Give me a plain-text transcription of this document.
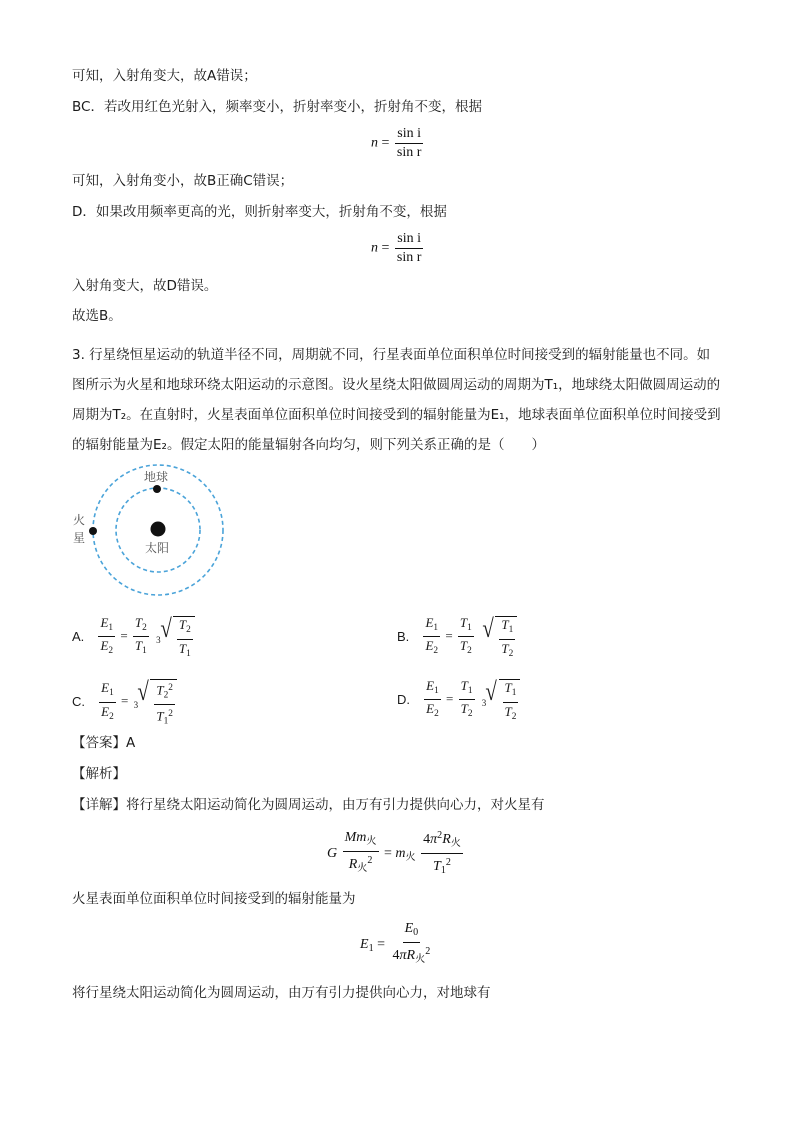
可知，入射角变大，故A错误；
BC．若改用红色光射入，频率变小，折射率变小，折射角不变，根据
$n = \frac{\text{sin i}}{\text{sin r}}$
可知，入射角变小，故B正确C错误；
D．如果改用频率更高的光，则折射率变大，折射角不变，根据
$n = \frac{\text{sin i}}{\text{sin r}}$
入射角变大，故D错误。
故选B。
3. 行星绕恒星运动的轨道半径不同，周期就不同，行星表面单位面积单位时间接受到的辐射能量也不同。如图所示为火星和地球环绕太阳运动的示意图。设火星绕太阳做圆周运动的周期为T₁，地球绕太阳做圆周运动的周期为T₂。在直射时，火星表面单位面积单位时间接受到的辐射能量为E₁，地球表面单位面积单位时间接受到的辐射能量为E₂。假定太阳的能量辐射各向均匀，则下列关系正确的是（　　）
地球
太阳
火
星
A. $\frac{E_1}{E_2} = \frac{T_2}{T_1}$
3 √ $\frac{T_2}{T_1}$	B. $\frac{E_1}{E_2} = \frac{T_1}{T_2}$
√ $\frac{T_1}{T_2}$
C. $\frac{E_1}{E_2} = 3$ √ $\frac{T_2^2}{T_1^2}$	D. $\frac{E_1}{E_2} = \frac{T_1}{T_2}$
3 √ $\frac{T_1}{T_2}$
【答案】A
【解析】
【详解】将行星绕太阳运动简化为圆周运动，由万有引力提供向心力，对火星有
G $\frac{Mm_火}{R_火^2} = m_火 \frac{4\pi^2R_火}{T_1^2}$
火星表面单位面积单位时间接受到的辐射能量为
$E_1 = \frac{E_0}{4\pi R_火^2}$
将行星绕太阳运动简化为圆周运动，由万有引力提供向心力，对地球有
